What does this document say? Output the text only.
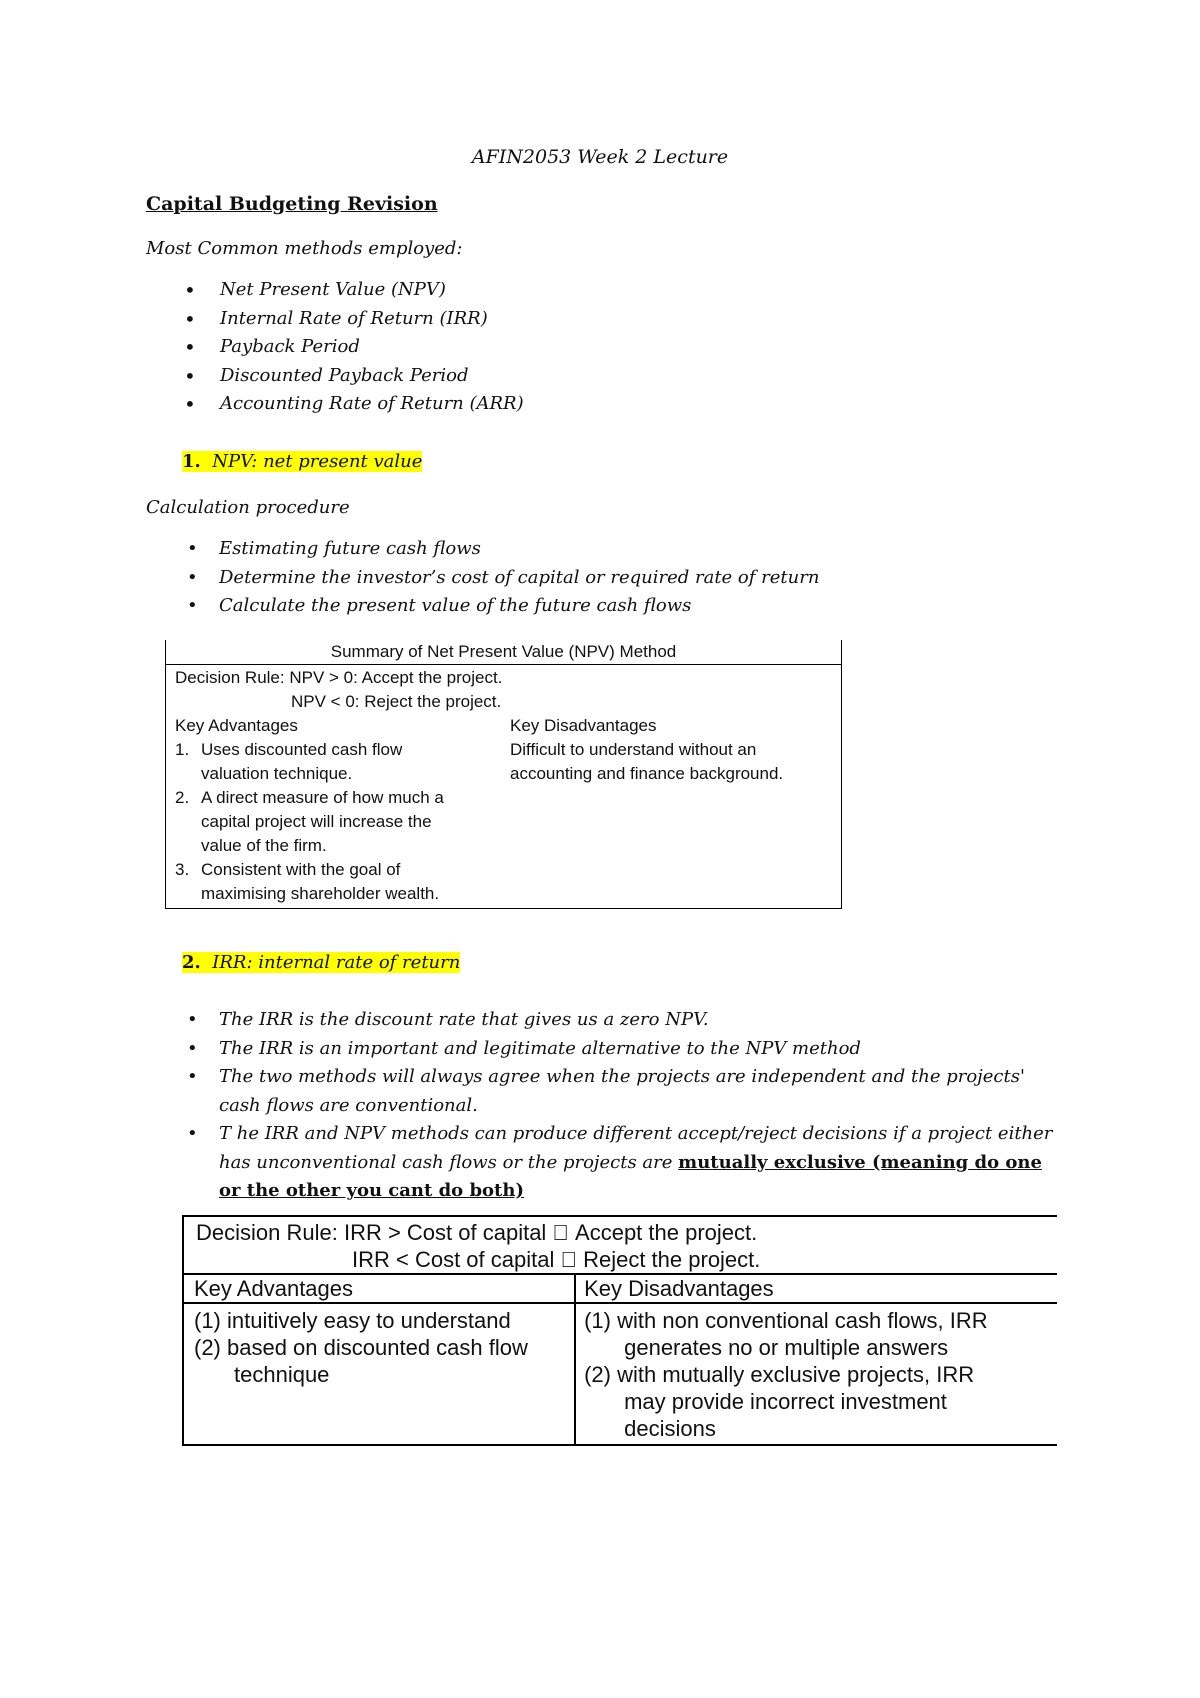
AFIN2053 Week 2 Lecture
Capital Budgeting Revision
Most Common methods employed:
• Net Present Value (NPV)
• Internal Rate of Return (IRR)
• Payback Period
• Discounted Payback Period
• Accounting Rate of Return (ARR)
1. NPV: net present value
Calculation procedure
• Estimating future cash flows
• Determine the investor’s cost of capital or required rate of return
• Calculate the present value of the future cash flows
Summary of Net Present Value (NPV) Method
Decision Rule: NPV > 0: Accept the project.
NPV < 0: Reject the project.
Key Advantages	Key Disadvantages
1. Uses discounted cash flow
valuation technique.
2. A direct measure of how much a
capital project will increase the
value of the firm.
3. Consistent with the goal of
maximising shareholder wealth.
Difficult to understand without an
accounting and finance background.
2. IRR: internal rate of return
• The IRR is the discount rate that gives us a zero NPV.
• The IRR is an important and legitimate alternative to the NPV method
• The two methods will always agree when the projects are independent and the projects'
cash flows are conventional.
• T he IRR and NPV methods can produce different accept/reject decisions if a project either
has unconventional cash flows or the projects are mutually exclusive (meaning do one
or the other you cant do both)
Decision Rule: IRR > Cost of capital Accept the project.
IRR < Cost of capital Reject the project.
Key Advantages	Key Disadvantages
(1) intuitively easy to understand
(2) based on discounted cash flow
technique
(1) with non conventional cash flows, IRR
generates no or multiple answers
(2) with mutually exclusive projects, IRR
may provide incorrect investment
decisions
